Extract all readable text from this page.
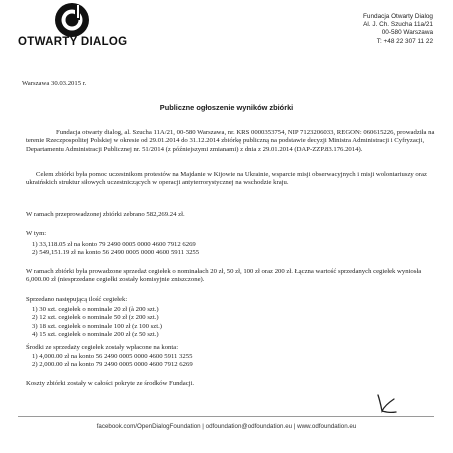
OTWARTY DIALOG
Fundacja Otwarty Dialog
Al. J. Ch. Szucha 11a/21
00-580 Warszawa
T: +48 22 307 11 22
Warszawa 30.03.2015 r.
Publiczne ogłoszenie wyników zbiórki
Fundacja otwarty dialog, al. Szucha 11A/21, 00-580 Warszawa, nr. KRS 0000353754, NIP 7123206033, REGON: 060615226, prowadziła na terenie Rzeczpospolitej Polskiej w okresie od 29.01.2014 do 31.12.2014 zbiórkę publiczną na podstawie decyzji Ministra Administracji i Cyfryzacji, Departamentu Administracji Publicznej nr. 51/2014 (z późniejszymi zmianami) z dnia z 29.01.2014 (DAP-ZZP.83.176.2014).
Celem zbiórki była pomoc uczestnikom protestów na Majdanie w Kijowie na Ukrainie, wsparcie misji obserwacyjnych i misji wolontariuszy oraz ukraińskich struktur siłowych uczestniczących w operacji antyterrorystycznej na wschodzie kraju.
W ramach przeprowadzonej zbiórki zebrano 582,269.24 zł.
W tym:
1) 33,118.05 zł na konto 79 2490 0005 0000 4600 7912 6269
2) 549,151.19 zł na konto 56 2490 0005 0000 4600 5911 3255
W ramach zbiórki była prowadzone sprzedaż cegiełek o nominałach 20 zł, 50 zł, 100 zł oraz 200 zł. Łączna wartość sprzedanych cegiełek wyniosła 6,000.00 zł (niesprzedane cegiełki zostały komisyjnie zniszczone).
Sprzedano następującą ilość cegiełek:
1) 30 szt. cegiełek o nominale 20 zł (à 200 szt.)
2) 12 szt. cegiełek o nominale 50 zł (z 200 szt.)
3) 18 szt. cegiełek o nominale 100 zł (z 100 szt.)
4) 15 szt. cegiełek o nominale 200 zł (z 50 szt.)
Środki ze sprzedaży cegiełek zostały wpłacone na konta:
1) 4,000.00 zł na konto 56 2490 0005 0000 4600 5911 3255
2) 2,000.00 zł na konto 79 2490 0005 0000 4600 7912 6269
Koszty zbiórki zostały w całości pokryte ze środków Fundacji.
facebook.com/OpenDialogFoundation | odfoundation@odfoundation.eu | www.odfoundation.eu
